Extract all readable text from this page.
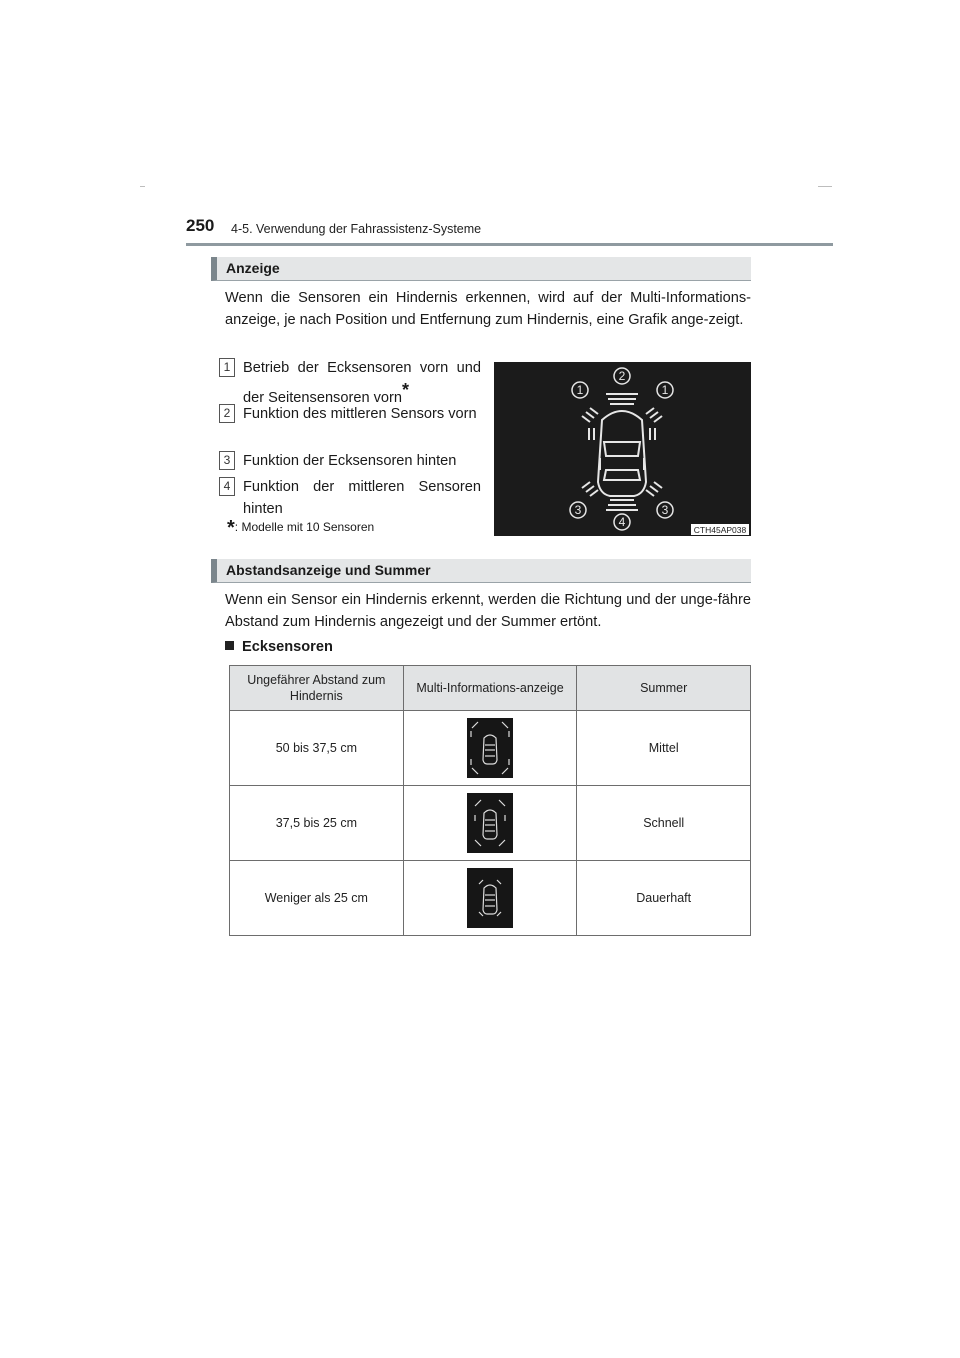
250 4-5. Verwendung der Fahrassistenz-Systeme
Anzeige

Wenn die Sensoren ein Hindernis erkennen, wird auf der Multi-Informations-anzeige, je nach Position und Entfernung zum Hindernis, eine Grafik ange-zeigt.

1 Betrieb der Ecksensoren vorn und der Seitensensoren vorn*
2 Funktion des mittleren Sensors vorn
3 Funktion der Ecksensoren hinten
4 Funktion der mittleren Sensoren hinten
*: Modelle mit 10 Sensoren
1
2
1
3
4
3
CTH45AP038
Abstandsanzeige und Summer

Wenn ein Sensor ein Hindernis erkennt, werden die Richtung und der unge-fähre Abstand zum Hindernis angezeigt und der Summer ertönt.

Ecksensoren
Ungefährer Abstand zum Hindernis	Multi-Informations-anzeige	Summer
50 bis 37,5 cm		Mittel
37,5 bis 25 cm		Schnell
Weniger als 25 cm		Dauerhaft
